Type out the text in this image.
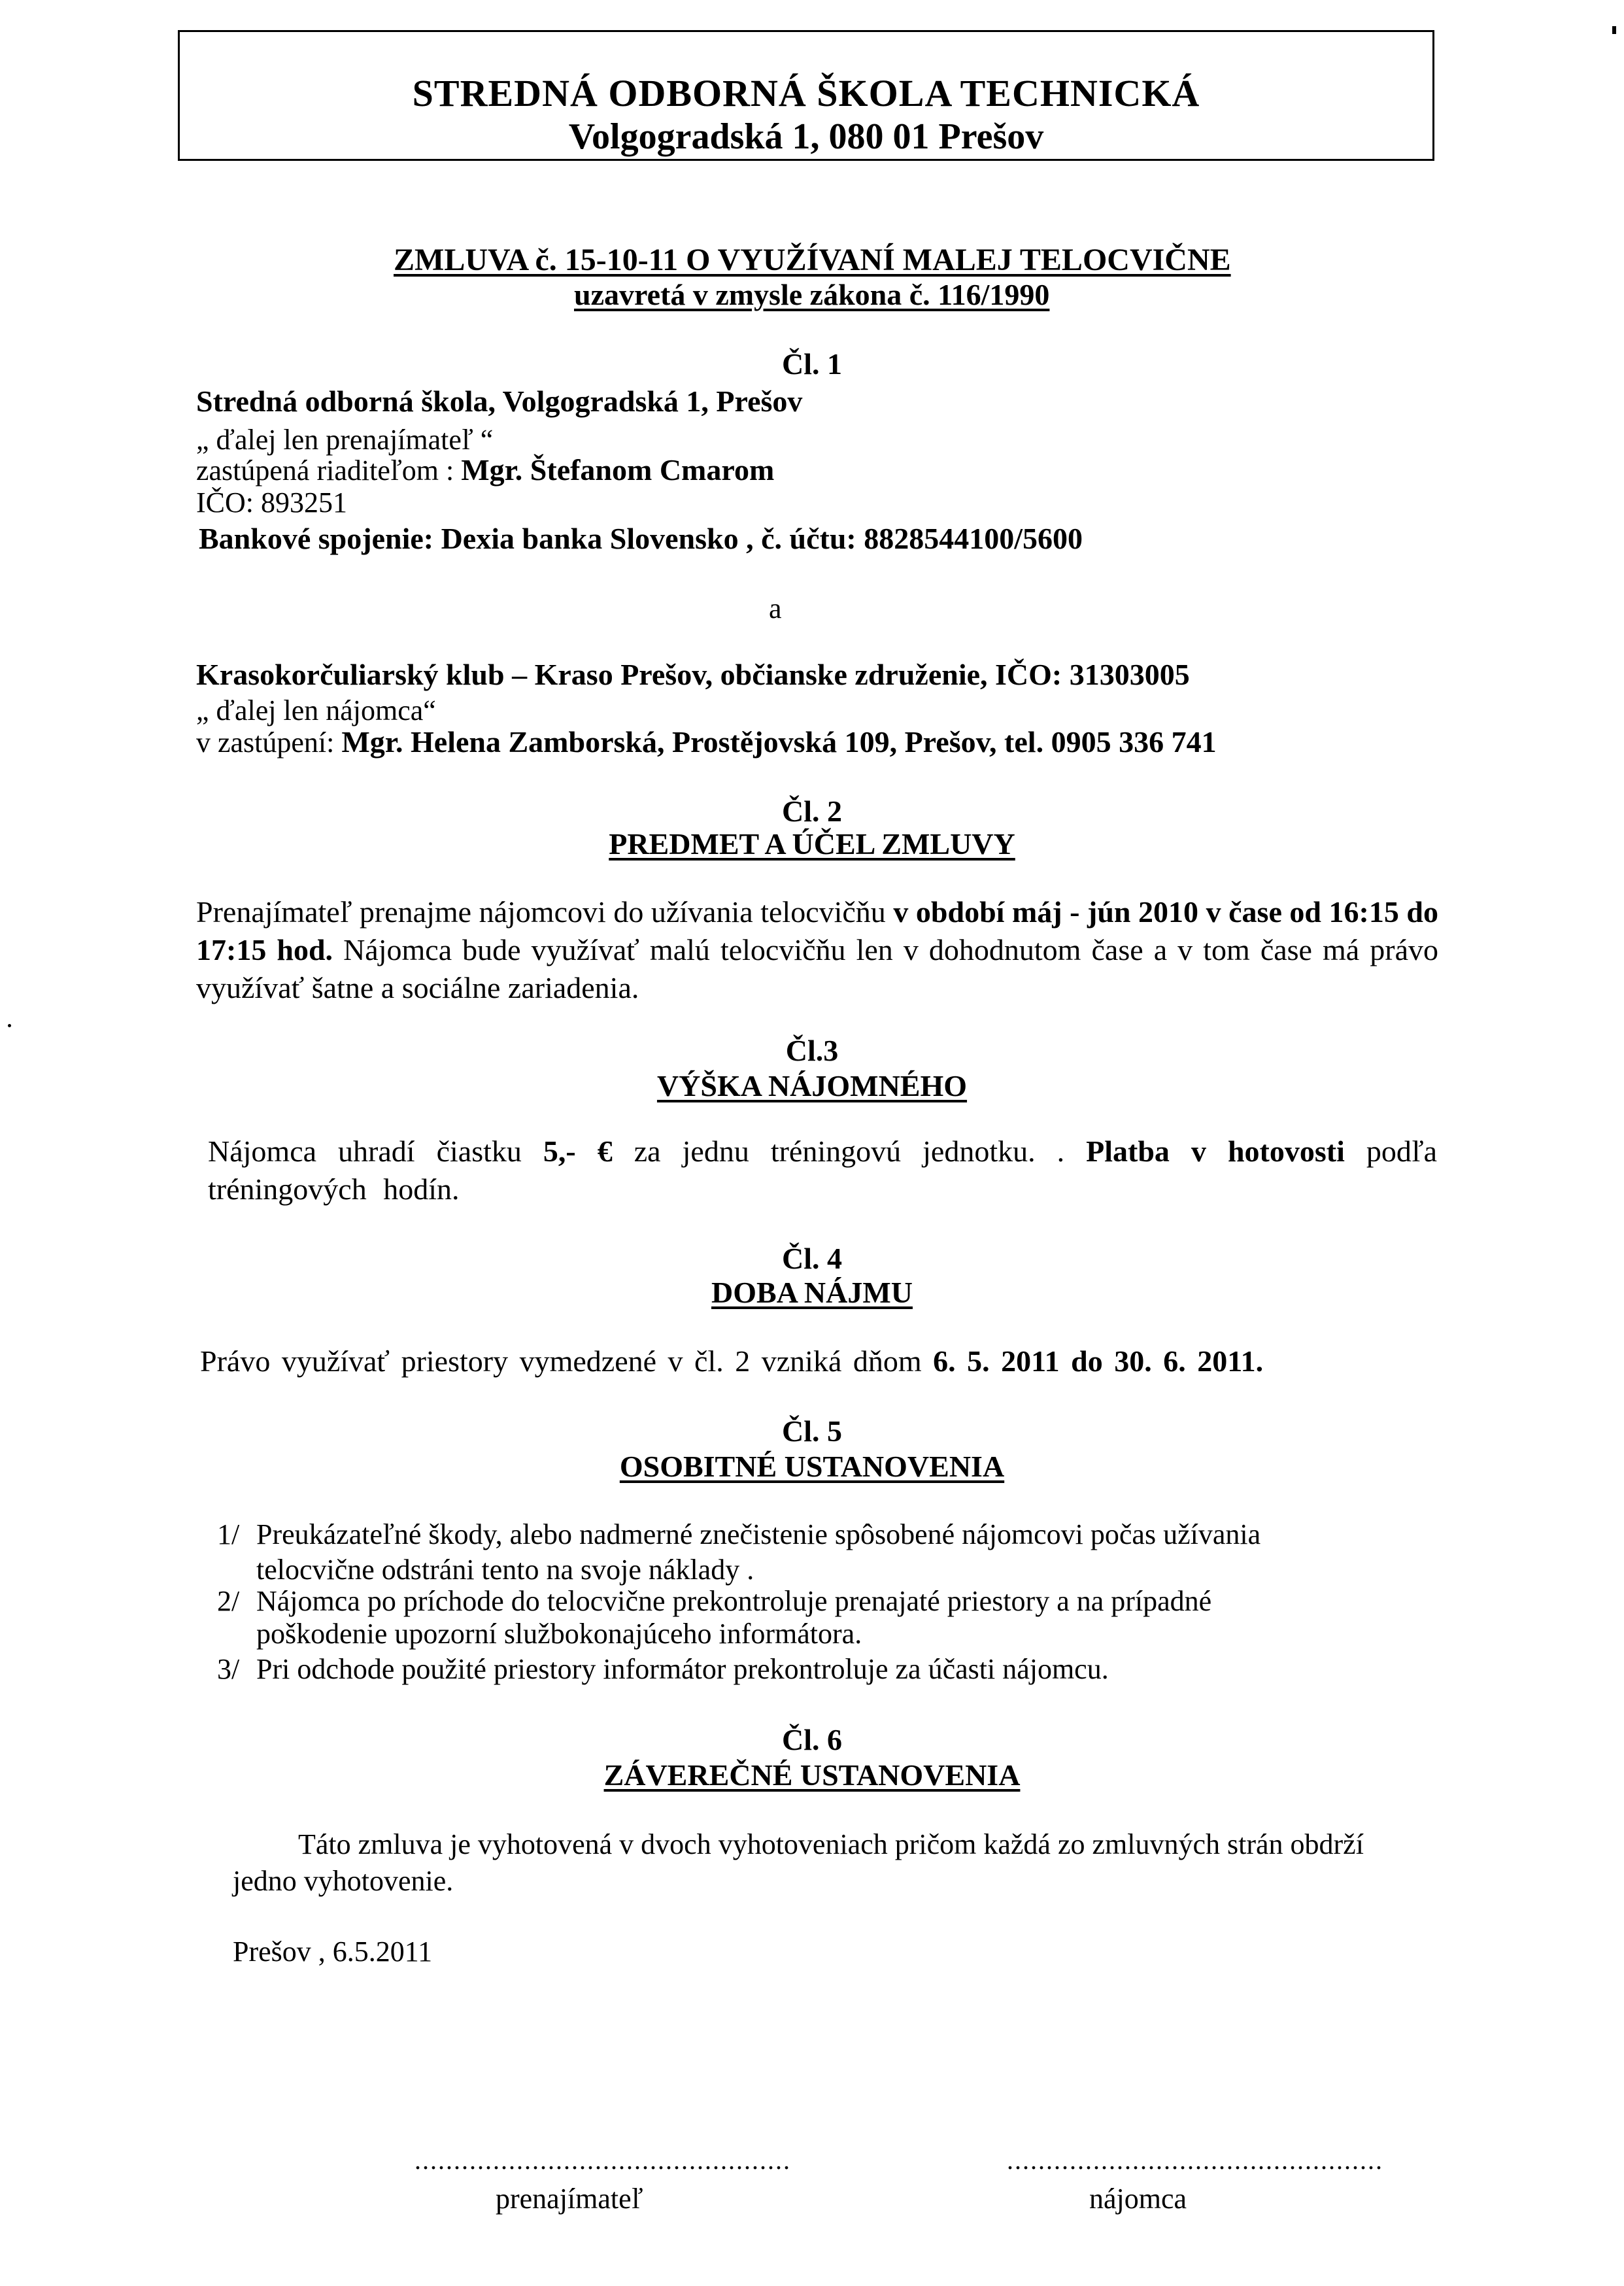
STREDNÁ ODBORNÁ ŠKOLA TECHNICKÁ
Volgogradská 1, 080 01 Prešov
ZMLUVA č. 15-10-11 O VYUŽÍVANÍ MALEJ TELOCVIČNE
uzavretá v zmysle zákona č. 116/1990
Čl. 1
Stredná odborná škola, Volgogradská 1, Prešov
„ ďalej len prenajímateľ “
zastúpená riaditeľom : Mgr. Štefanom Cmarom
IČO: 893251
Bankové spojenie: Dexia banka Slovensko , č. účtu: 8828544100/5600
a
Krasokorčuliarský klub – Kraso Prešov, občianske združenie, IČO: 31303005
„ ďalej len nájomca“
v zastúpení: Mgr. Helena Zamborská, Prostějovská 109, Prešov, tel. 0905 336 741
Čl. 2
PREDMET A ÚČEL ZMLUVY
Prenajímateľ prenajme nájomcovi do užívania telocvičňu v období máj - jún 2010 v čase od 16:15 do 17:15 hod. Nájomca bude využívať malú telocvičňu len v dohodnutom čase a v tom čase má právo využívať šatne a sociálne zariadenia.
Čl.3
VÝŠKA NÁJOMNÉHO
Nájomca uhradí čiastku 5,- € za jednu tréningovú jednotku. . Platba v hotovosti podľa tréningových hodín.
Čl. 4
DOBA NÁJMU
Právo využívať priestory vymedzené v čl. 2 vzniká dňom 6. 5. 2011 do 30. 6. 2011.
Čl. 5
OSOBITNÉ USTANOVENIA
1/ Preukázateľné škody, alebo nadmerné znečistenie spôsobené nájomcovi počas užívania
telocvične odstráni tento na svoje náklady .
2/ Nájomca po príchode do telocvične prekontroluje prenajaté priestory a na prípadné
poškodenie upozorní službokonajúceho informátora.
3/ Pri odchode použité priestory informátor prekontroluje za účasti nájomcu.
Čl. 6
ZÁVEREČNÉ USTANOVENIA
Táto zmluva je vyhotovená v dvoch vyhotoveniach pričom každá zo zmluvných strán obdrží
jedno vyhotovenie.
Prešov , 6.5.2011
................................................	................................................
prenajímateľ	nájomca
